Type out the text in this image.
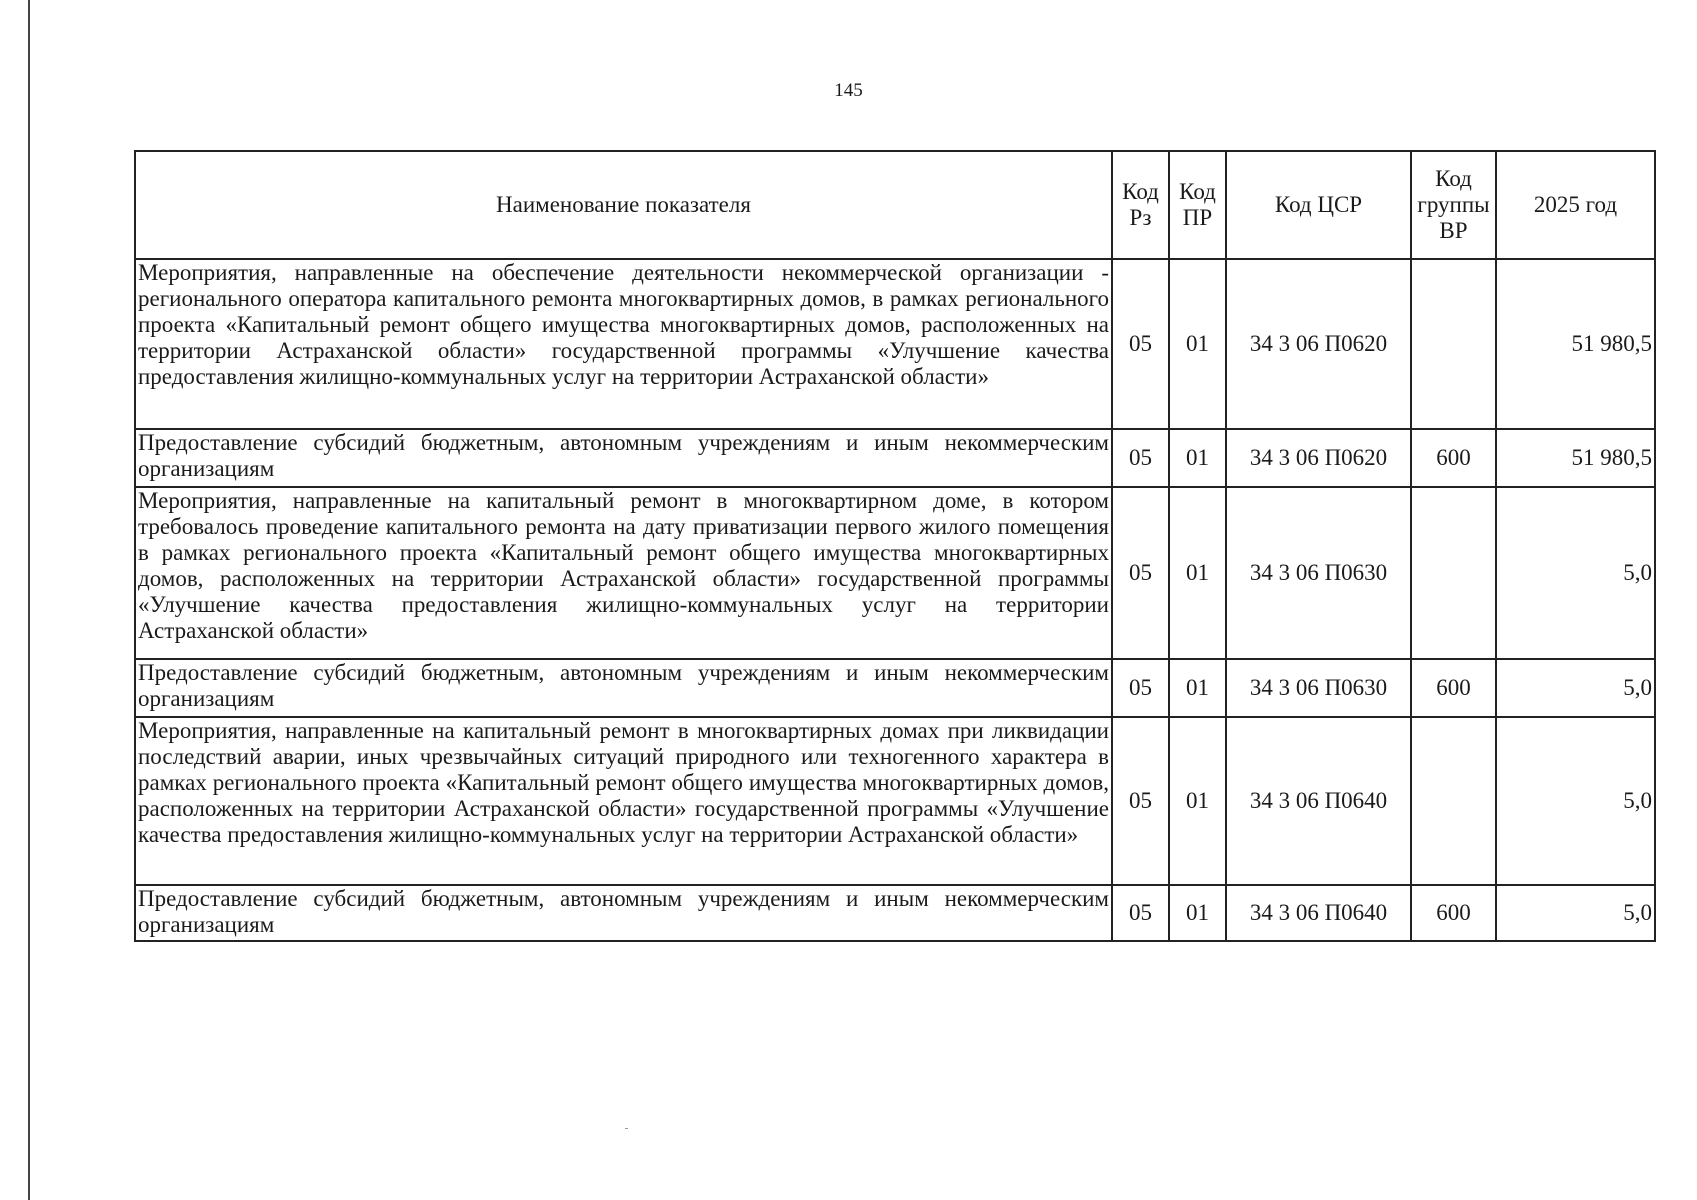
145
Наименование показателя	Код Рз	Код ПР	Код ЦСР	Код группы ВР	2025 год
Мероприятия, направленные на обеспечение деятельности некоммерческой организации - регионального оператора капитального ремонта многоквартирных домов, в рамках регионального проекта «Капитальный ремонт общего имущества многоквартирных домов, расположенных на территории Астраханской области» государственной программы «Улучшение качества предоставления жилищно-коммунальных услуг на территории Астраханской области»	05	01	34 3 06 П0620		51 980,5
Предоставление субсидий бюджетным, автономным учреждениям и иным некоммерческим организациям	05	01	34 3 06 П0620	600	51 980,5
Мероприятия, направленные на капитальный ремонт в многоквартирном доме, в котором требовалось проведение капитального ремонта на дату приватизации первого жилого помещения в рамках регионального проекта «Капитальный ремонт общего имущества многоквартирных домов, расположенных на территории Астраханской области» государственной программы «Улучшение качества предоставления жилищно-коммунальных услуг на территории Астраханской области»	05	01	34 3 06 П0630		5,0
Предоставление субсидий бюджетным, автономным учреждениям и иным некоммерческим организациям	05	01	34 3 06 П0630	600	5,0
Мероприятия, направленные на капитальный ремонт в многоквартирных домах при ликвидации последствий аварии, иных чрезвычайных ситуаций природного или техногенного характера в рамках регионального проекта «Капитальный ремонт общего имущества многоквартирных домов, расположенных на территории Астраханской области» государственной программы «Улучшение качества предоставления жилищно-коммунальных услуг на территории Астраханской области»	05	01	34 3 06 П0640		5,0
Предоставление субсидий бюджетным, автономным учреждениям и иным некоммерческим организациям	05	01	34 3 06 П0640	600	5,0
